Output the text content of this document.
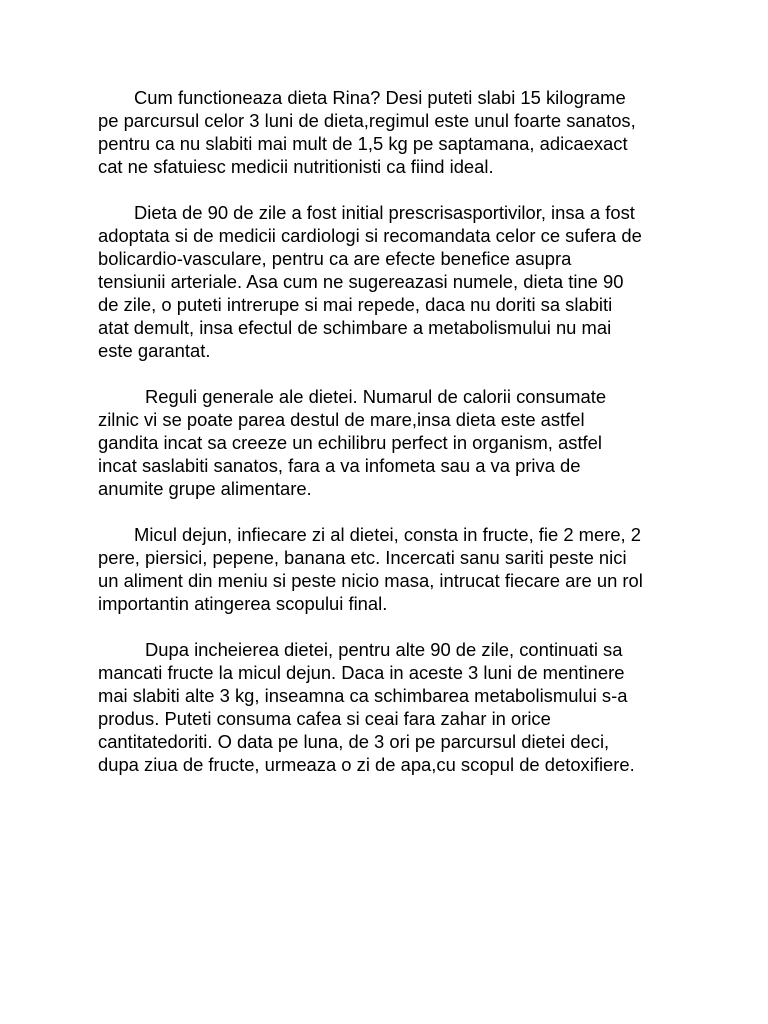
Cum functioneaza dieta Rina? Desi puteti slabi 15 kilograme
pe parcursul celor 3 luni de dieta,regimul este unul foarte sanatos,
pentru ca nu slabiti mai mult de 1,5 kg pe saptamana, adicaexact
cat ne sfatuiesc medicii nutritionisti ca fiind ideal.

Dieta de 90 de zile a fost initial prescrisasportivilor, insa a fost
adoptata si de medicii cardiologi si recomandata celor ce sufera de
bolicardio-vasculare, pentru ca are efecte benefice asupra
tensiunii arteriale. Asa cum ne sugereazasi numele, dieta tine 90
de zile, o puteti intrerupe si mai repede, daca nu doriti sa slabiti
atat demult, insa efectul de schimbare a metabolismului nu mai
este garantat.

Reguli generale ale dietei. Numarul de calorii consumate
zilnic vi se poate parea destul de mare,insa dieta este astfel
gandita incat sa creeze un echilibru perfect in organism, astfel
incat saslabiti sanatos, fara a va infometa sau a va priva de
anumite grupe alimentare.

Micul dejun, infiecare zi al dietei, consta in fructe, fie 2 mere, 2
pere, piersici, pepene, banana etc. Incercati sanu sariti peste nici
un aliment din meniu si peste nicio masa, intrucat fiecare are un rol
importantin atingerea scopului final.

Dupa incheierea dietei, pentru alte 90 de zile, continuati sa
mancati fructe la micul dejun. Daca in aceste 3 luni de mentinere
mai slabiti alte 3 kg, inseamna ca schimbarea metabolismului s-a
produs. Puteti consuma cafea si ceai fara zahar in orice
cantitatedoriti. O data pe luna, de 3 ori pe parcursul dietei deci,
dupa ziua de fructe, urmeaza o zi de apa,cu scopul de detoxifiere.
